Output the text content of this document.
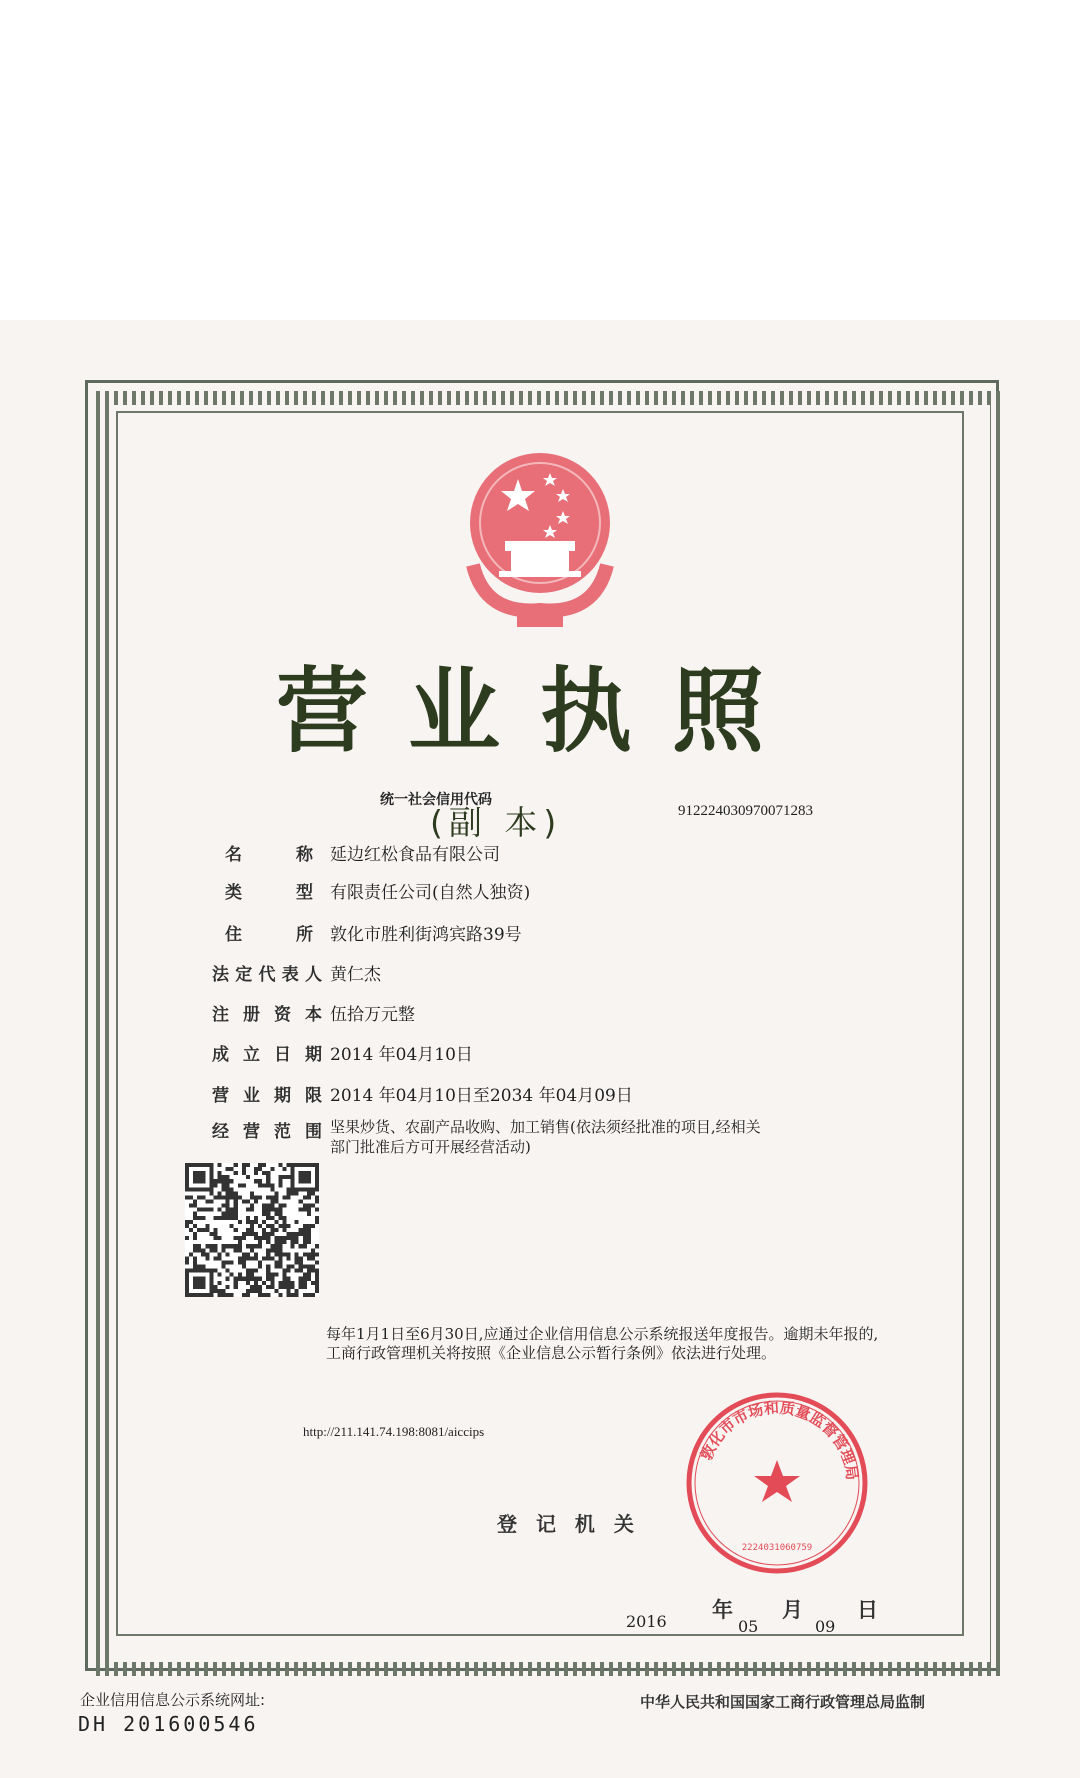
营业执照
统一社会信用代码
(副 本)	912224030970071283
名	称 延边红松食品有限公司
类	型 有限责任公司(自然人独资)
住	所 敦化市胜利街鸿宾路39号
法 定 代 表 人 黄仁杰
注 册 资 本 伍拾万元整
成 立 日 期 2014 年04月10日
营 业 期 限 2014 年04月10日至2034 年04月09日
经 营 范 围 坚果炒货、农副产品收购、加工销售(依法须经批准的项目,经相关部门批准后方可开展经营活动)
每年1月1日至6月30日,应通过企业信用信息公示系统报送年度报告。逾期未年报的,工商行政管理机关将按照《企业信息公示暂行条例》依法进行处理。
http://211.141.74.198:8081/aiccips
登 记 机 关
敦化市市场和质量监督管理局
2224031060759
2016 年
05
月
09
日
企业信用信息公示系统网址:
DH 201600546
中华人民共和国国家工商行政管理总局监制
